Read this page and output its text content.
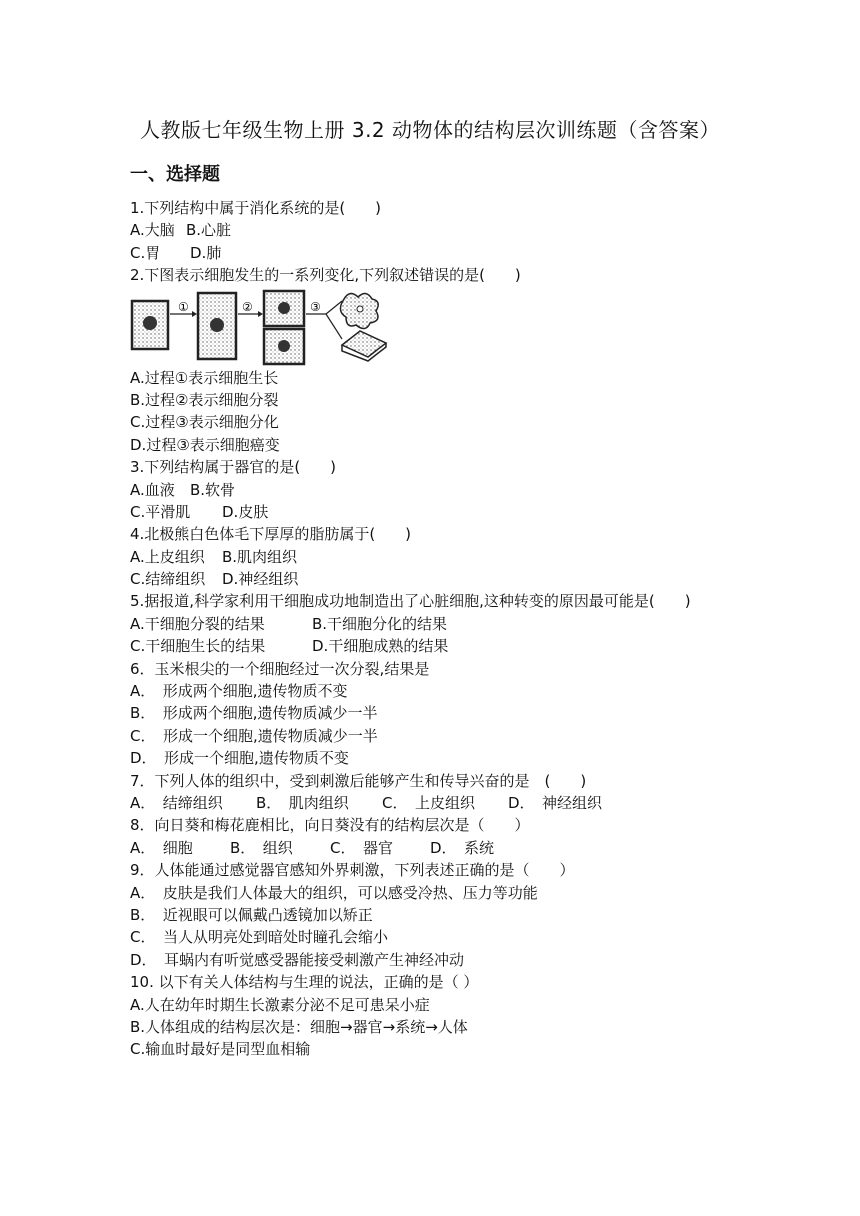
人教版七年级生物上册 3.2 动物体的结构层次训练题（含答案）
一、选择题
1.下列结构中属于消化系统的是(　　)
A.大脑 B.心脏
C.胃 D.肺
2.下图表示细胞发生的一系列变化,下列叙述错误的是(　　)
①	②	③
A.过程①表示细胞生长
B.过程②表示细胞分裂
C.过程③表示细胞分化
D.过程③表示细胞癌变
3.下列结构属于器官的是(　　)
A.血液 B.软骨
C.平滑肌 D.皮肤
4.北极熊白色体毛下厚厚的脂肪属于(　　)
A.上皮组织 B.肌肉组织
C.结缔组织 D.神经组织
5.据报道,科学家利用干细胞成功地制造出了心脏细胞,这种转变的原因最可能是(　　)
A.干细胞分裂的结果	B.干细胞分化的结果
C.干细胞生长的结果	D.干细胞成熟的结果
6．玉米根尖的一个细胞经过一次分裂,结果是
A．　形成两个细胞,遗传物质不变
B．　形成两个细胞,遗传物质减少一半
C．　形成一个细胞,遗传物质减少一半
D．　形成一个细胞,遗传物质不变
7．下列人体的组织中，受到刺激后能够产生和传导兴奋的是　(　　)
A．　结缔组织 B．　肌肉组织 C．　上皮组织 D．　神经组织
8．向日葵和梅花鹿相比，向日葵没有的结构层次是（　　）
A．　细胞 B．　组织 C．　器官 D．　系统
9．人体能通过感觉器官感知外界刺激，下列表述正确的是（　　）
A．　皮肤是我们人体最大的组织，可以感受冷热、压力等功能
B．　近视眼可以佩戴凸透镜加以矫正
C．　当人从明亮处到暗处时瞳孔会缩小
D．　耳蜗内有听觉感受器能接受刺激产生神经冲动
10. 以下有关人体结构与生理的说法，正确的是（ ）
A.人在幼年时期生长激素分泌不足可患呆小症
B.人体组成的结构层次是：细胞→器官→系统→人体
C.输血时最好是同型血相输
